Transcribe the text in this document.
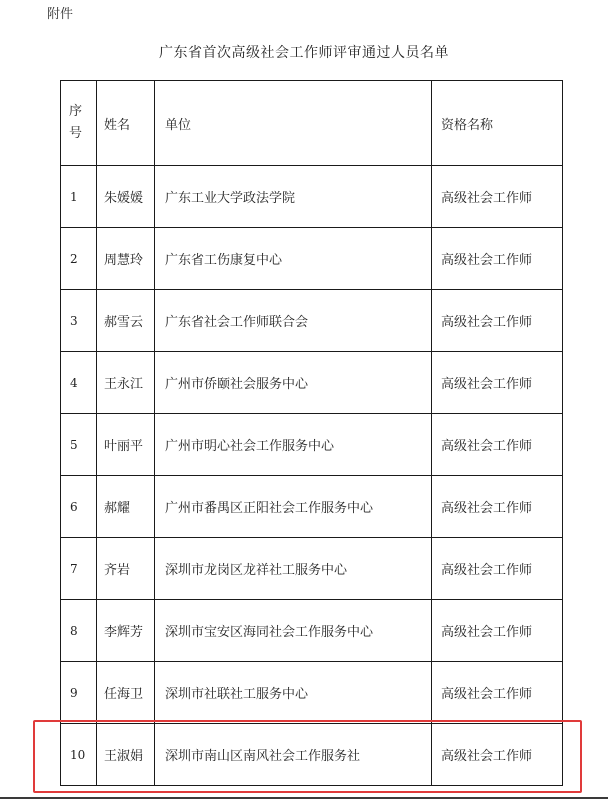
附件
广东省首次高级社会工作师评审通过人员名单
序
号	姓名	单位	资格名称
1	朱媛媛	广东工业大学政法学院	高级社会工作师
2	周慧玲	广东省工伤康复中心	高级社会工作师
3	郝雪云	广东省社会工作师联合会	高级社会工作师
4	王永江	广州市侨颐社会服务中心	高级社会工作师
5	叶丽平	广州市明心社会工作服务中心	高级社会工作师
6	郝耀	广州市番禺区正阳社会工作服务中心	高级社会工作师
7	齐岩	深圳市龙岗区龙祥社工服务中心	高级社会工作师
8	李辉芳	深圳市宝安区海同社会工作服务中心	高级社会工作师
9	任海卫	深圳市社联社工服务中心	高级社会工作师
10	王淑娟	深圳市南山区南风社会工作服务社	高级社会工作师
